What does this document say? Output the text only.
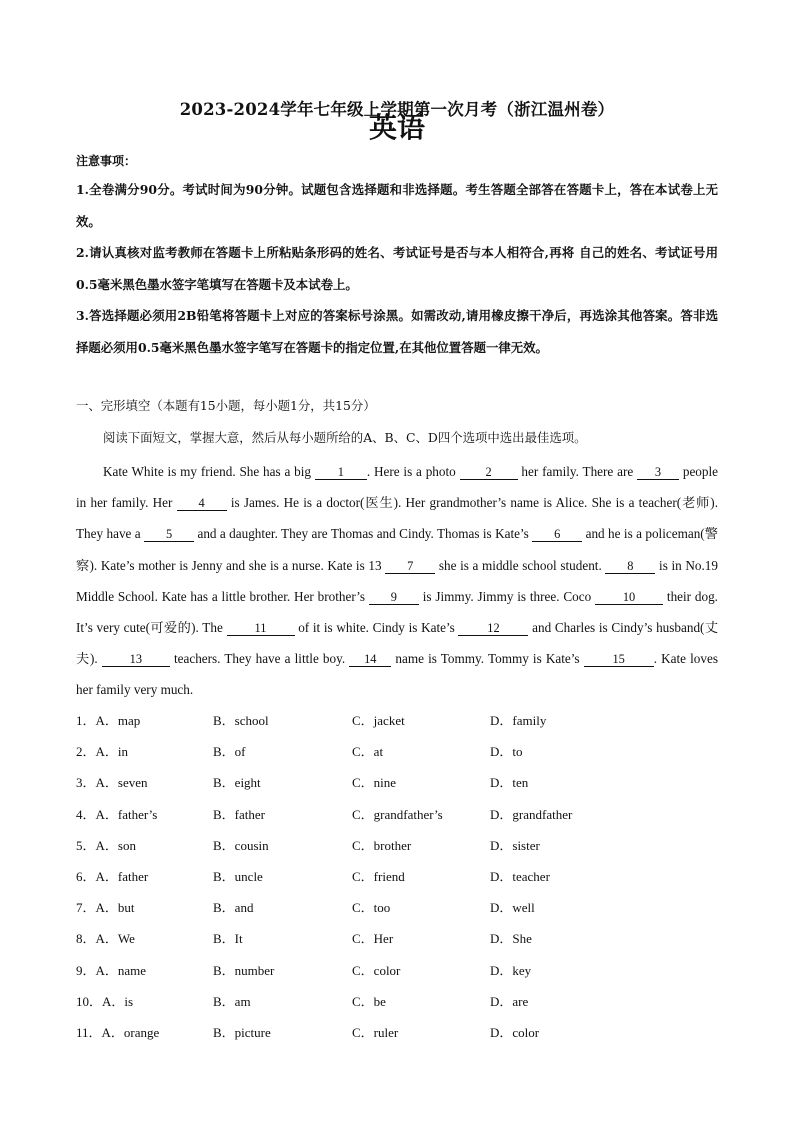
2023-2024学年七年级上学期第一次月考（浙江温州卷）
英语
注意事项：
1.全卷满分90分。考试时间为90分钟。试题包含选择题和非选择题。考生答题全部答在答题卡上，答在本试卷上无效。
2.请认真核对监考教师在答题卡上所粘贴条形码的姓名、考试证号是否与本人相符合,再将 自己的姓名、考试证号用0.5毫米黑色墨水签字笔填写在答题卡及本试卷上。
3.答选择题必须用2B铅笔将答题卡上对应的答案标号涂黑。如需改动,请用橡皮擦干净后，再选涂其他答案。答非选择题必须用0.5毫米黑色墨水签字笔写在答题卡的指定位置,在其他位置答题一律无效。
一、完形填空（本题有15小题，每小题1分，共15分）
阅读下面短文，掌握大意，然后从每小题所给的A、B、C、D四个选项中选出最佳选项。
Kate White is my friend. She has a big 1 . Here is a photo 2 her family. There are 3 people in her family. Her 4 is James. He is a doctor(医生). Her grandmother’s name is Alice. She is a teacher(老师). They have a 5 and a daughter. They are Thomas and Cindy. Thomas is Kate’s 6 and he is a policeman(警察). Kate’s mother is Jenny and she is a nurse. Kate is 13 7 she is a middle school student. 8 is in No.19 Middle School. Kate has a little brother. Her brother’s 9 is Jimmy. Jimmy is three. Coco 10 their dog. It’s very cute(可爱的). The 11 of it is white. Cindy is Kate’s 12 and Charles is Cindy’s husband(丈夫). 13 teachers. They have a little boy. 14 name is Tommy. Tommy is Kate’s 15 . Kate loves her family very much.
1．A．map	B．school	C．jacket	D．family
2．A．in	B．of	C．at	D．to
3．A．seven	B．eight	C．nine	D．ten
4．A．father’s	B．father	C．grandfather’s	D．grandfather
5．A．son	B．cousin	C．brother	D．sister
6．A．father	B．uncle	C．friend	D．teacher
7．A．but	B．and	C．too	D．well
8．A．We	B．It	C．Her	D．She
9．A．name	B．number	C．color	D．key
10．A．is	B．am	C．be	D．are
11．A．orange	B．picture	C．ruler	D．color
